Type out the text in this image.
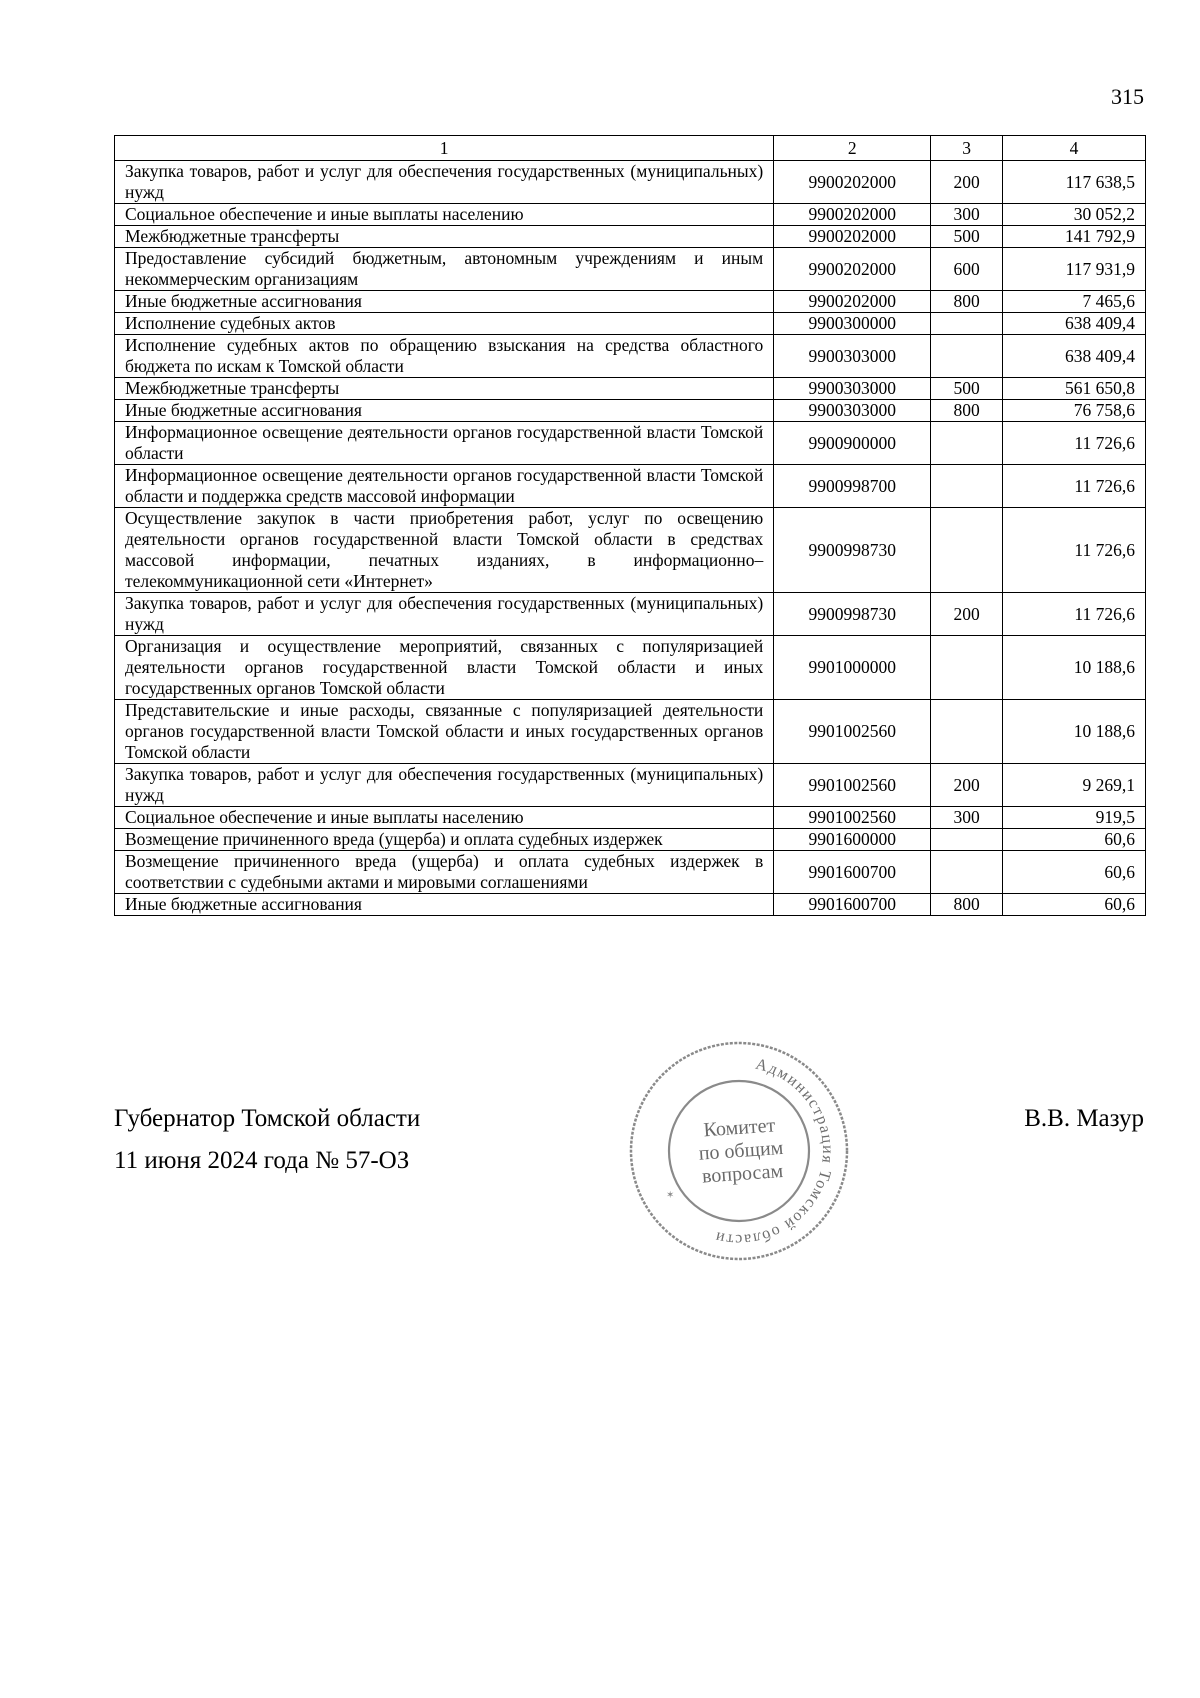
315
1	2	3	4
Закупка товаров, работ и услуг для обеспечения государственных (муниципальных) нужд	9900202000	200	117 638,5
Социальное обеспечение и иные выплаты населению	9900202000	300	30 052,2
Межбюджетные трансферты	9900202000	500	141 792,9
Предоставление субсидий бюджетным, автономным учреждениям и иным некоммерческим организациям	9900202000	600	117 931,9
Иные бюджетные ассигнования	9900202000	800	7 465,6
Исполнение судебных актов	9900300000		638 409,4
Исполнение судебных актов по обращению взыскания на средства областного бюджета по искам к Томской области	9900303000		638 409,4
Межбюджетные трансферты	9900303000	500	561 650,8
Иные бюджетные ассигнования	9900303000	800	76 758,6
Информационное освещение деятельности органов государственной власти Томской области	9900900000		11 726,6
Информационное освещение деятельности органов государственной власти Томской области и поддержка средств массовой информации	9900998700		11 726,6
Осуществление закупок в части приобретения работ, услуг по освещению деятельности органов государственной власти Томской области в средствах массовой информации, печатных изданиях, в информационно–телекоммуникационной сети «Интернет»	9900998730		11 726,6
Закупка товаров, работ и услуг для обеспечения государственных (муниципальных) нужд	9900998730	200	11 726,6
Организация и осуществление мероприятий, связанных с популяризацией деятельности органов государственной власти Томской области и иных государственных органов Томской области	9901000000		10 188,6
Представительские и иные расходы, связанные с популяризацией деятельности органов государственной власти Томской области и иных государственных органов Томской области	9901002560		10 188,6
Закупка товаров, работ и услуг для обеспечения государственных (муниципальных) нужд	9901002560	200	9 269,1
Социальное обеспечение и иные выплаты населению	9901002560	300	919,5
Возмещение причиненного вреда (ущерба) и оплата судебных издержек	9901600000		60,6
Возмещение причиненного вреда (ущерба) и оплата судебных издержек в соответствии с судебными актами и мировыми соглашениями	9901600700		60,6
Иные бюджетные ассигнования	9901600700	800	60,6
Губернатор Томской области
11 июня 2024 года № 57-ОЗ
Администрация Томской области
Комитет
по общим
вопросам
✶
В.В. Мазур
